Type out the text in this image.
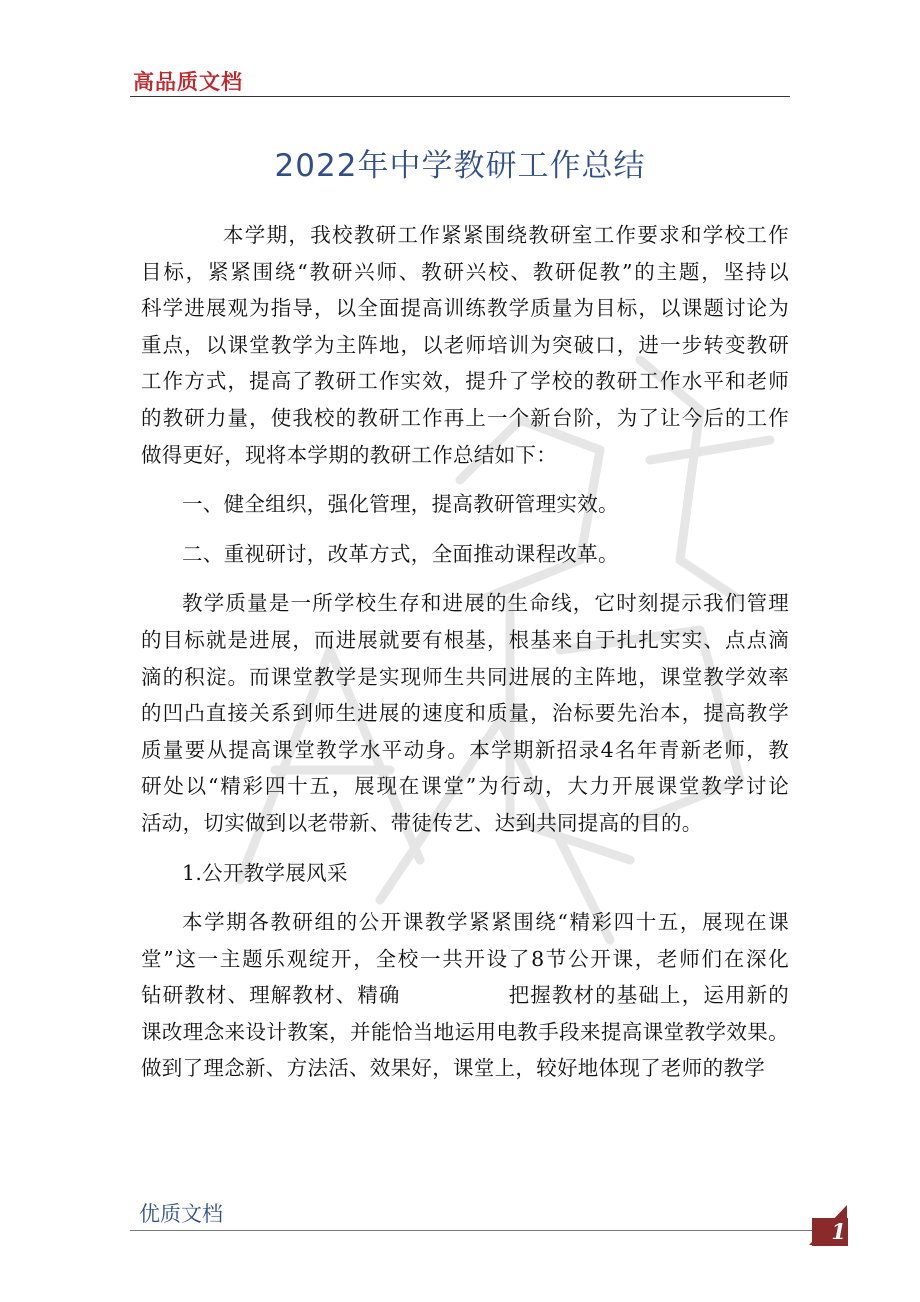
高品质文档
2022年中学教研工作总结
本学期，我校教研工作紧紧围绕教研室工作要求和学校工作
目标，紧紧围绕“教研兴师、教研兴校、教研促教”的主题，坚持以
科学进展观为指导，以全面提高训练教学质量为目标，以课题讨论为
重点，以课堂教学为主阵地，以老师培训为突破口，进一步转变教研
工作方式，提高了教研工作实效，提升了学校的教研工作水平和老师
的教研力量，使我校的教研工作再上一个新台阶，为了让今后的工作
做得更好，现将本学期的教研工作总结如下：
一、健全组织，强化管理，提高教研管理实效。
二、重视研讨，改革方式，全面推动课程改革。
教学质量是一所学校生存和进展的生命线，它时刻提示我们管理
的目标就是进展，而进展就要有根基，根基来自于扎扎实实、点点滴
滴的积淀。而课堂教学是实现师生共同进展的主阵地，课堂教学效率
的凹凸直接关系到师生进展的速度和质量，治标要先治本，提高教学
质量要从提高课堂教学水平动身。本学期新招录4名年青新老师，教
研处以“精彩四十五，展现在课堂”为行动，大力开展课堂教学讨论
活动，切实做到以老带新、带徒传艺、达到共同提高的目的。
1.公开教学展风采
本学期各教研组的公开课教学紧紧围绕“精彩四十五，展现在课
堂”这一主题乐观绽开，全校一共开设了8节公开课，老师们在深化
钻研教材、理解教材、精确　　　　　把握教材的基础上，运用新的
课改理念来设计教案，并能恰当地运用电教手段来提高课堂教学效果。
做到了理念新、方法活、效果好，课堂上，较好地体现了老师的教学
优质文档
1
